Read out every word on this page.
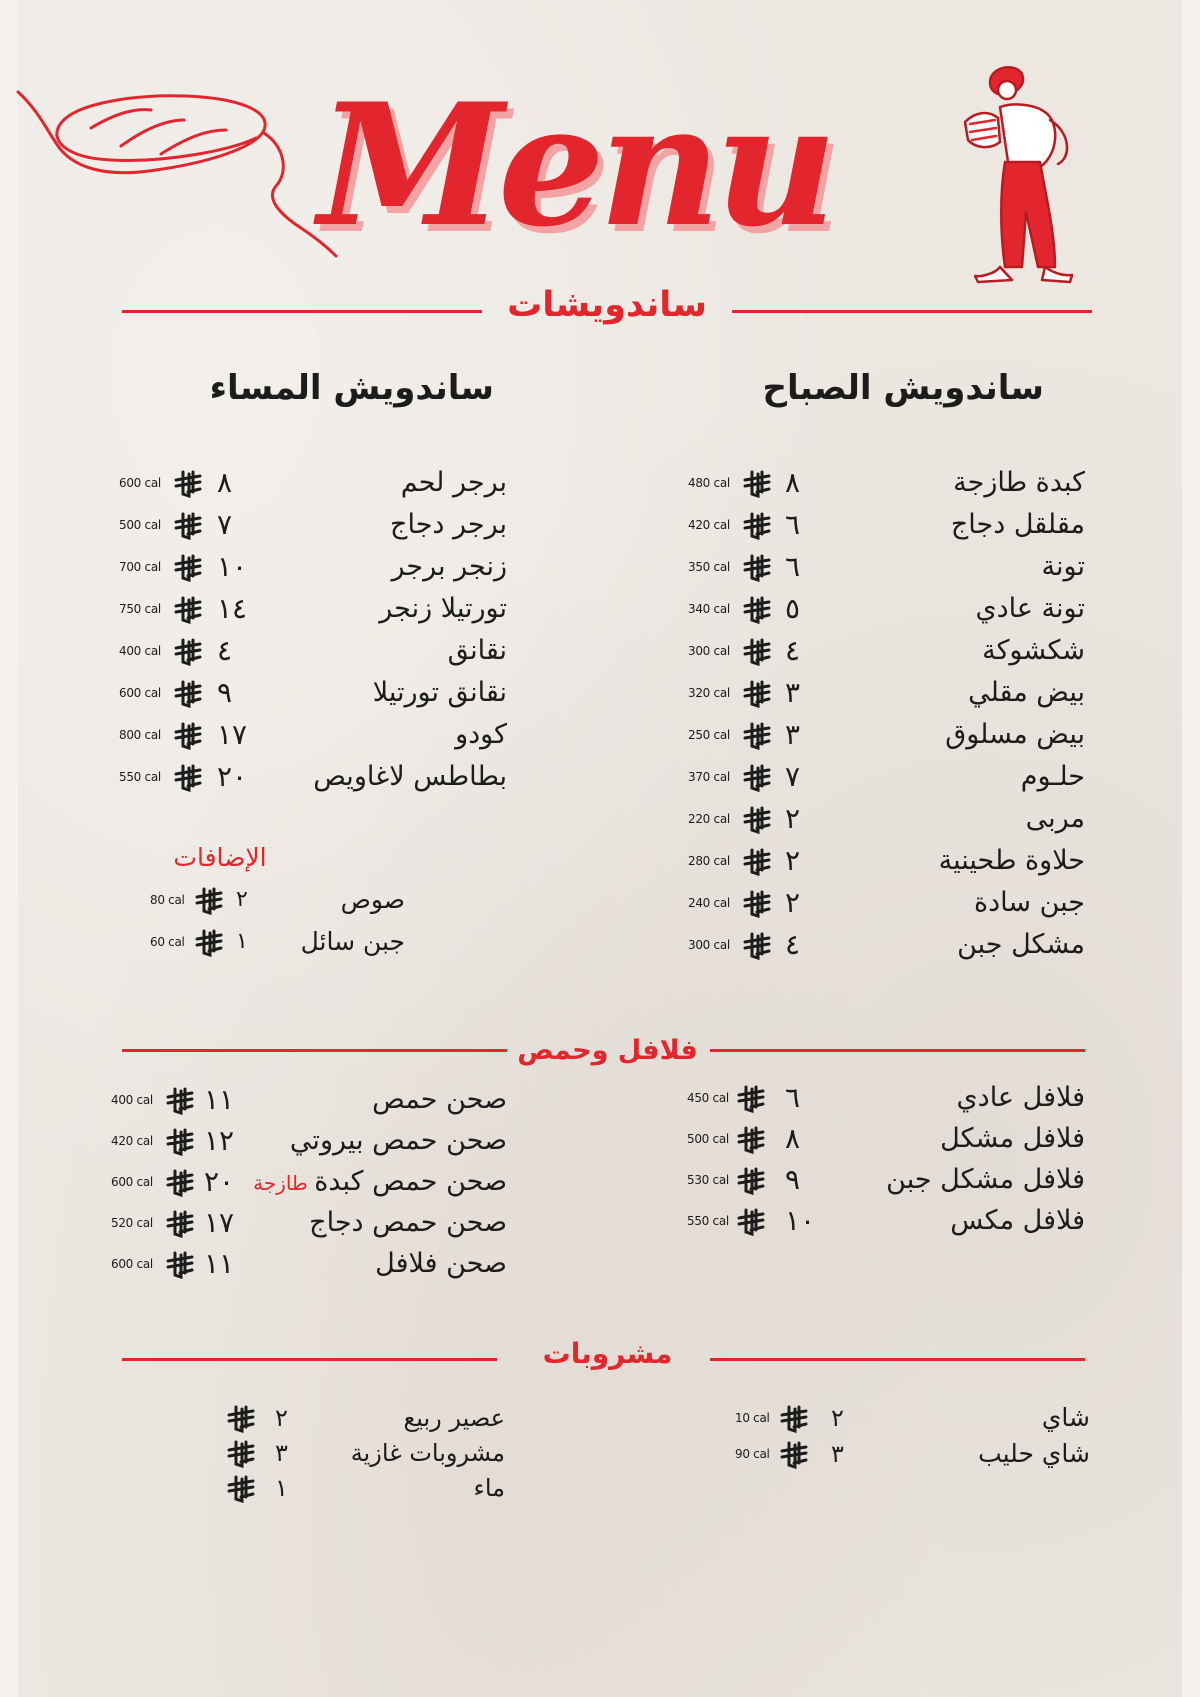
Menu
ساندويشات
ساندويش الصباح
ساندويش المساء
كبدة طازجة
٨
480 cal
مقلقل دجاج
٦
420 cal
تونة
٦
350 cal
تونة عادي
٥
340 cal
شكشوكة
٤
300 cal
بيض مقلي
٣
320 cal
بيض مسلوق
٣
250 cal
حلـوم
٧
370 cal
مربى
٢
220 cal
حلاوة طحينية
٢
280 cal
جبن سادة
٢
240 cal
مشكل جبن
٤
300 cal
برجر لحم
٨
600 cal
برجر دجاج
٧
500 cal
زنجر برجر
١٠
700 cal
تورتيلا زنجر
١٤
750 cal
نقانق
٤
400 cal
نقانق تورتيلا
٩
600 cal
كودو
١٧
800 cal
بطاطس لاغاويص
٢٠
550 cal
الإضافات
صوص
٢
80 cal
جبن سائل
١
60 cal
فلافل وحمص
فلافل عادي
٦
450 cal
فلافل مشكل
٨
500 cal
فلافل مشكل جبن
٩
530 cal
فلافل مكس
١٠
550 cal
صحن حمص
١١
400 cal
صحن حمص بيروتي
١٢
420 cal
صحن حمص كبدة طازجة
٢٠
600 cal
صحن حمص دجاج
١٧
520 cal
صحن فلافل
١١
600 cal
مشروبات
شاي
٢
10 cal
شاي حليب
٣
90 cal
عصير ربيع
٢
مشروبات غازية
٣
ماء
١
